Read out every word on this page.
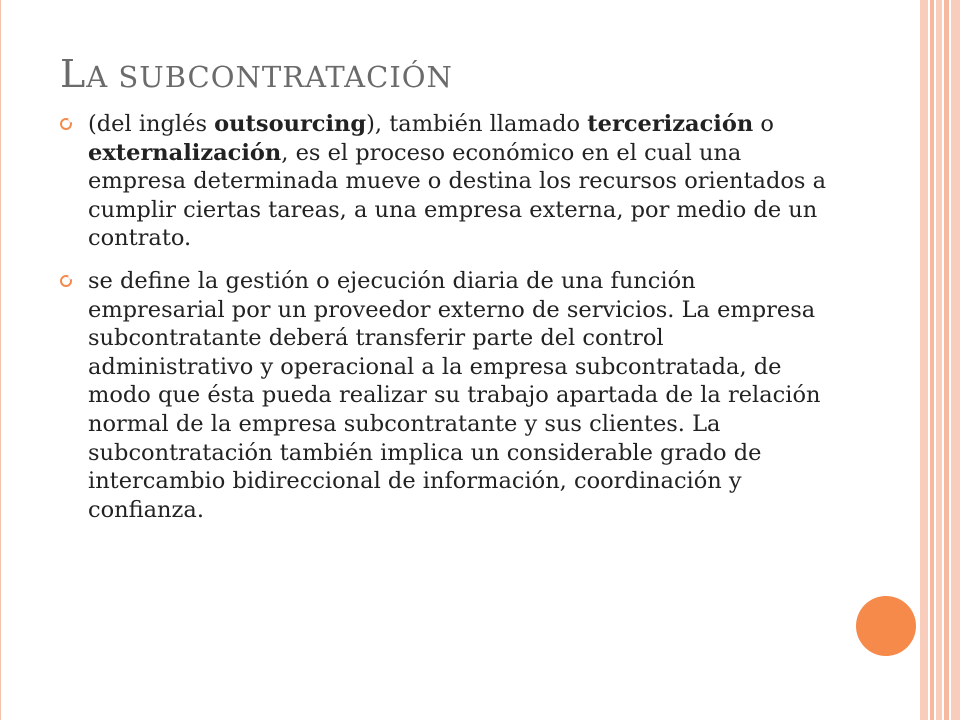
LA SUBCONTRATACIÓN
(del inglés outsourcing), también llamado tercerización o externalización, es el proceso económico en el cual una empresa determinada mueve o destina los recursos orientados a cumplir ciertas tareas, a una empresa externa, por medio de un contrato.
se define la gestión o ejecución diaria de una función empresarial por un proveedor externo de servicios. La empresa subcontratante deberá transferir parte del control administrativo y operacional a la empresa subcontratada, de modo que ésta pueda realizar su trabajo apartada de la relación normal de la empresa subcontratante y sus clientes. La subcontratación también implica un considerable grado de intercambio bidireccional de información, coordinación y confianza.
